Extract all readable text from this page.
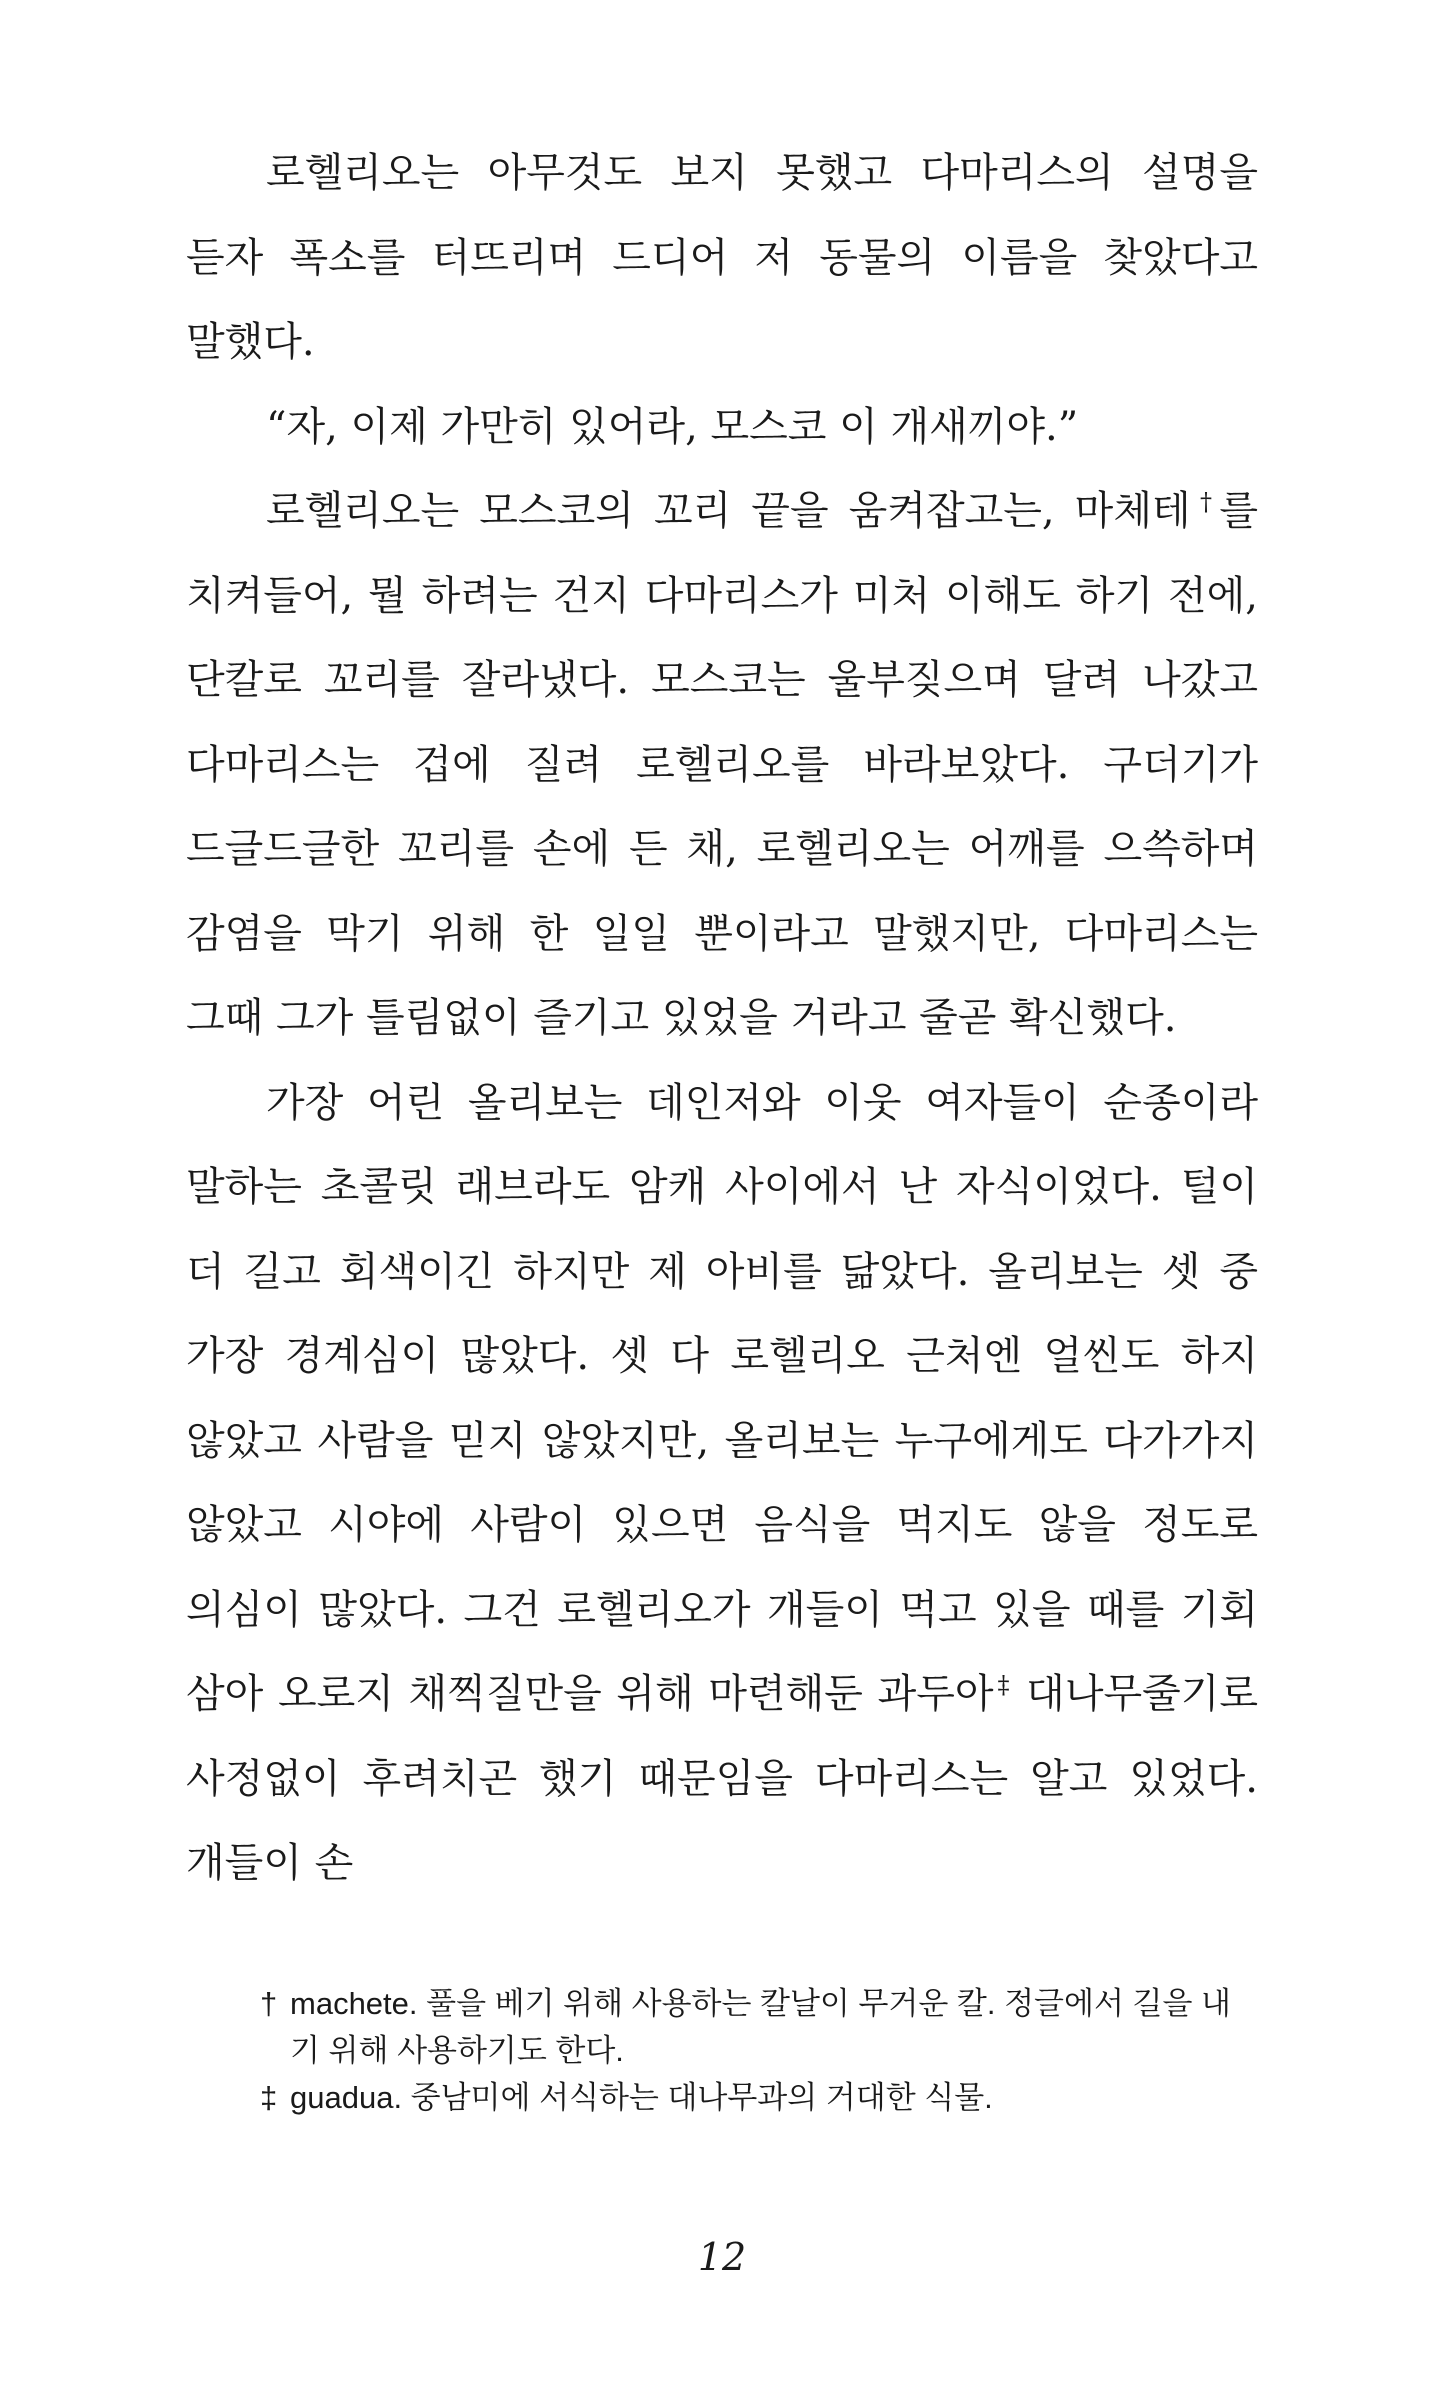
로헬리오는 아무것도 보지 못했고 다마리스의 설명을 듣자 폭소를 터뜨리며 드디어 저 동물의 이름을 찾았다고 말했다.

“자, 이제 가만히 있어라, 모스코 이 개새끼야.”

로헬리오는 모스코의 꼬리 끝을 움켜잡고는, 마체테†를 치켜들어, 뭘 하려는 건지 다마리스가 미처 이해도 하기 전에, 단칼로 꼬리를 잘라냈다. 모스코는 울부짖으며 달려 나갔고 다마리스는 겁에 질려 로헬리오를 바라보았다. 구더기가 드글드글한 꼬리를 손에 든 채, 로헬리오는 어깨를 으쓱하며 감염을 막기 위해 한 일일 뿐이라고 말했지만, 다마리스는 그때 그가 틀림없이 즐기고 있었을 거라고 줄곧 확신했다.

가장 어린 올리보는 데인저와 이웃 여자들이 순종이라 말하는 초콜릿 래브라도 암캐 사이에서 난 자식이었다. 털이 더 길고 회색이긴 하지만 제 아비를 닮았다. 올리보는 셋 중 가장 경계심이 많았다. 셋 다 로헬리오 근처엔 얼씬도 하지 않았고 사람을 믿지 않았지만, 올리보는 누구에게도 다가가지 않았고 시야에 사람이 있으면 음식을 먹지도 않을 정도로 의심이 많았다. 그건 로헬리오가 개들이 먹고 있을 때를 기회 삼아 오로지 채찍질만을 위해 마련해둔 과두아‡ 대나무줄기로 사정없이 후려치곤 했기 때문임을 다마리스는 알고 있었다. 개들이 손

† machete. 풀을 베기 위해 사용하는 칼날이 무거운 칼. 정글에서 길을 내기 위해 사용하기도 한다.
‡ guadua. 중남미에 서식하는 대나무과의 거대한 식물.
12
